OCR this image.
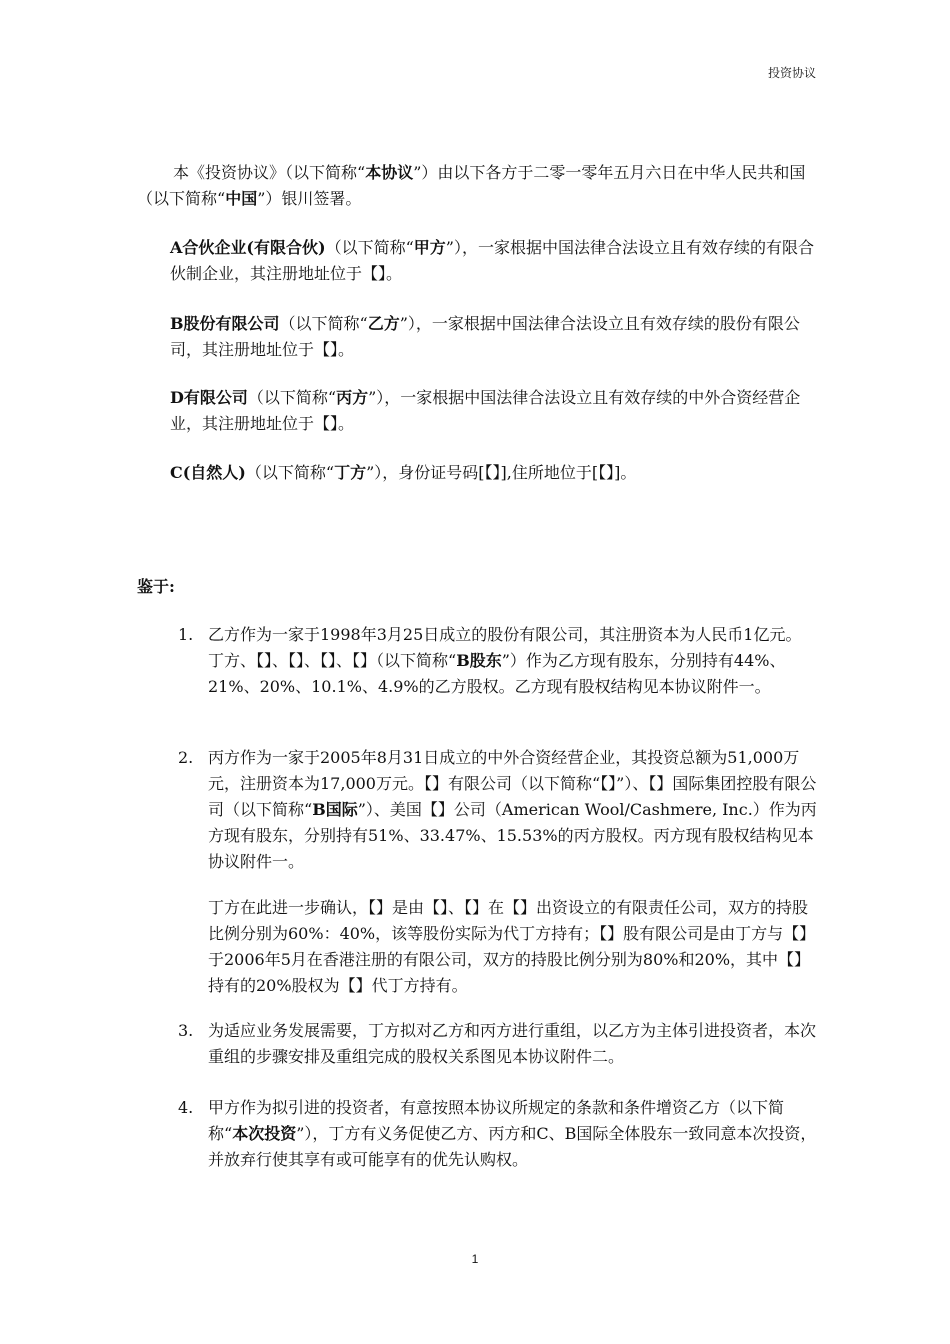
投资协议

本《投资协议》（以下简称“本协议”）由以下各方于二零一零年五月六日在中华人民共和国（以下简称“中国”）银川签署。

A合伙企业(有限合伙)（以下简称“甲方”），一家根据中国法律合法设立且有效存续的有限合伙制企业，其注册地址位于【】。

B股份有限公司（以下简称“乙方”），一家根据中国法律合法设立且有效存续的股份有限公司，其注册地址位于【】。

D有限公司（以下简称“丙方”），一家根据中国法律合法设立且有效存续的中外合资经营企业，其注册地址位于【】。

C(自然人)（以下简称“丁方”），身份证号码[【】],住所地位于[【】]。

鉴于:
1. 乙方作为一家于1998年3月25日成立的股份有限公司，其注册资本为人民币1亿元。丁方、【】、【】、【】、【】（以下简称“B股东”）作为乙方现有股东，分别持有44%、21%、20%、10.1%、4.9%的乙方股权。乙方现有股权结构见本协议附件一。
2. 丙方作为一家于2005年8月31日成立的中外合资经营企业，其投资总额为51,000万元，注册资本为17,000万元。【】有限公司（以下简称“【】”）、【】国际集团控股有限公司（以下简称“B国际”）、美国【】公司（American Wool/Cashmere, Inc.）作为丙方现有股东，分别持有51%、33.47%、15.53%的丙方股权。丙方现有股权结构见本协议附件一。

丁方在此进一步确认，【】是由【】、【】在【】出资设立的有限责任公司，双方的持股比例分别为60%：40%，该等股份实际为代丁方持有；【】股有限公司是由丁方与【】于2006年5月在香港注册的有限公司，双方的持股比例分别为80%和20%，其中【】持有的20%股权为【】代丁方持有。

3. 为适应业务发展需要，丁方拟对乙方和丙方进行重组，以乙方为主体引进投资者，本次重组的步骤安排及重组完成的股权关系图见本协议附件二。
4. 甲方作为拟引进的投资者，有意按照本协议所规定的条款和条件增资乙方（以下简称“本次投资”），丁方有义务促使乙方、丙方和C、B国际全体股东一致同意本次投资，并放弃行使其享有或可能享有的优先认购权。
1
